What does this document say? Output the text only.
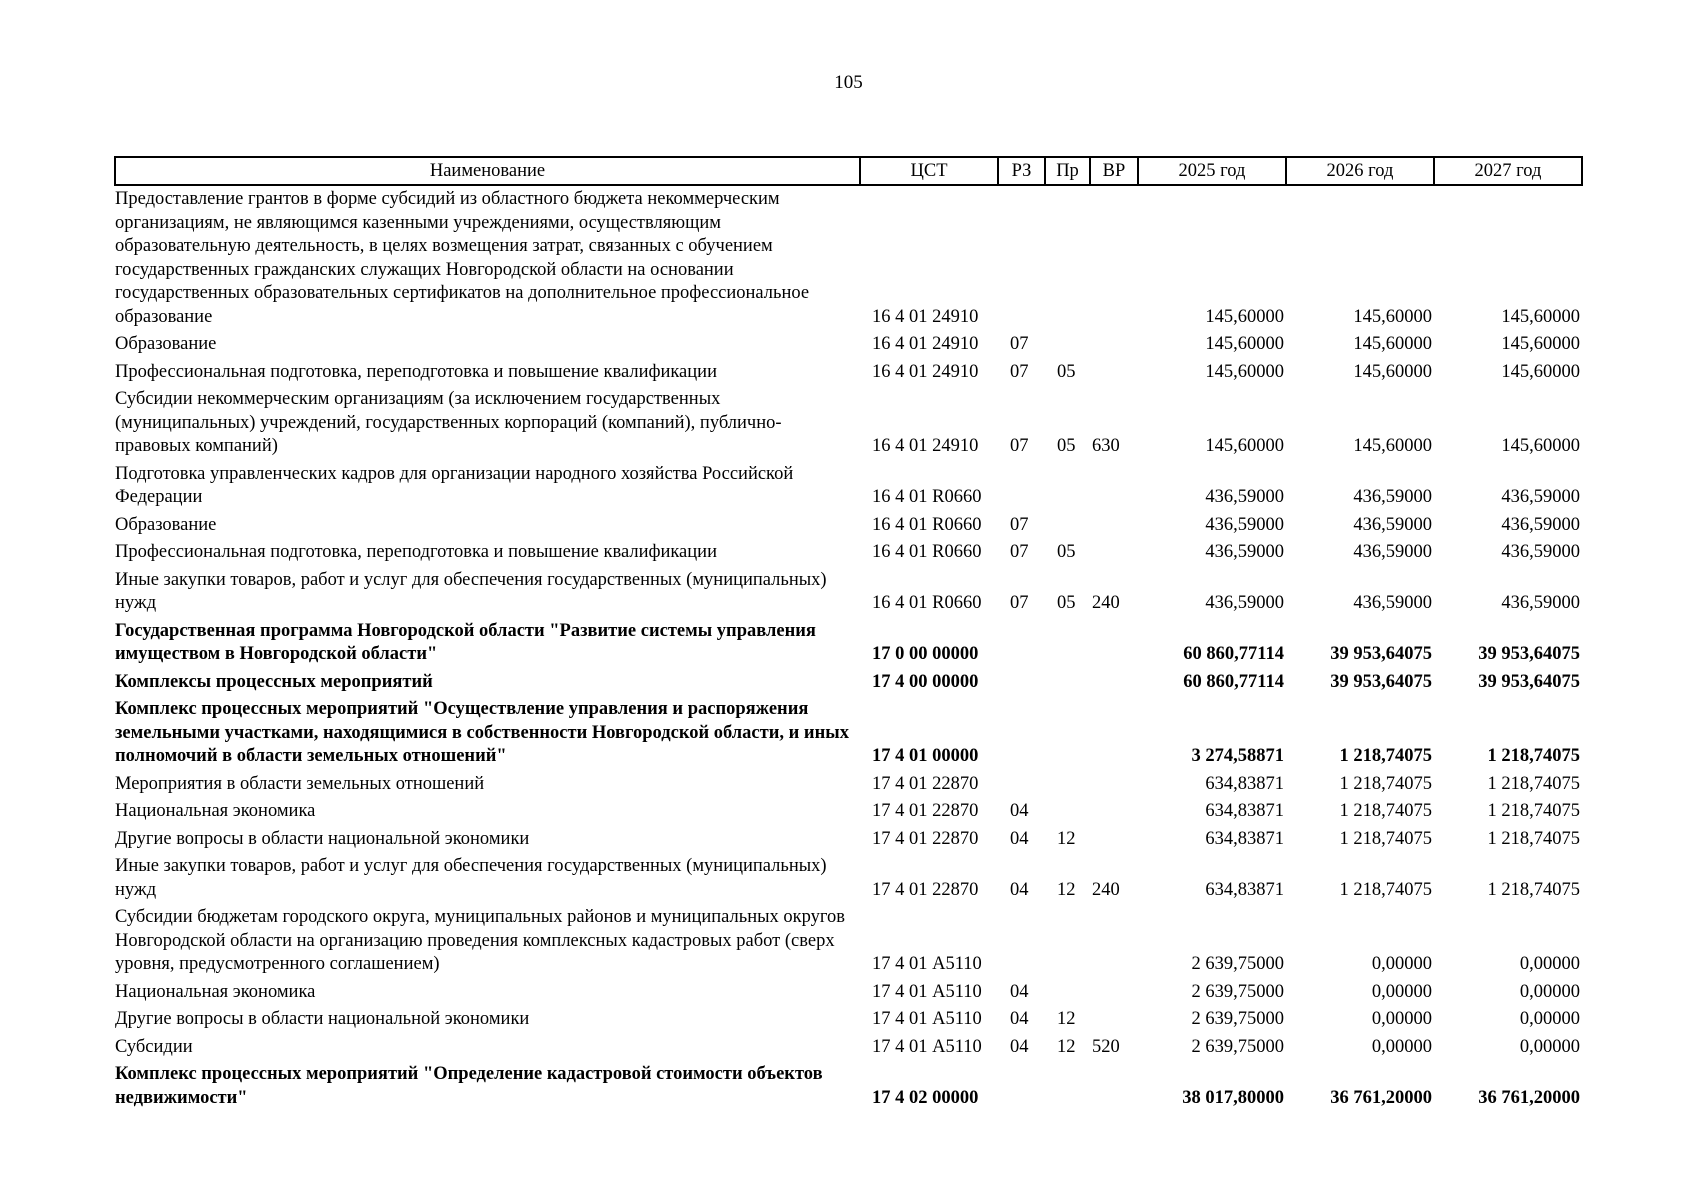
105
Наименование	ЦСТ	РЗ	Пр	ВР	2025 год	2026 год	2027 год
Предоставление грантов в форме субсидий из областного бюджета некоммерческим организациям, не являющимся казенными учреждениями, осуществляющим образовательную деятельность, в целях возмещения затрат, связанных с обучением государственных гражданских служащих Новгородской области на основании государственных образовательных сертификатов на дополнительное профессиональное образование	16 4 01 24910				145,60000	145,60000	145,60000
Образование	16 4 01 24910	07			145,60000	145,60000	145,60000
Профессиональная подготовка, переподготовка и повышение квалификации	16 4 01 24910	07	05		145,60000	145,60000	145,60000
Субсидии некоммерческим организациям (за исключением государственных (муниципальных) учреждений, государственных корпораций (компаний), публично-правовых компаний)	16 4 01 24910	07	05	630	145,60000	145,60000	145,60000
Подготовка управленческих кадров для организации народного хозяйства Российской Федерации	16 4 01 R0660				436,59000	436,59000	436,59000
Образование	16 4 01 R0660	07			436,59000	436,59000	436,59000
Профессиональная подготовка, переподготовка и повышение квалификации	16 4 01 R0660	07	05		436,59000	436,59000	436,59000
Иные закупки товаров, работ и услуг для обеспечения государственных (муниципальных) нужд	16 4 01 R0660	07	05	240	436,59000	436,59000	436,59000
Государственная программа Новгородской области "Развитие системы управления имуществом в Новгородской области"	17 0 00 00000				60 860,77114	39 953,64075	39 953,64075
Комплексы процессных мероприятий	17 4 00 00000				60 860,77114	39 953,64075	39 953,64075
Комплекс процессных мероприятий "Осуществление управления и распоряжения земельными участками, находящимися в собственности Новгородской области, и иных полномочий в области земельных отношений"	17 4 01 00000				3 274,58871	1 218,74075	1 218,74075
Мероприятия в области земельных отношений	17 4 01 22870				634,83871	1 218,74075	1 218,74075
Национальная экономика	17 4 01 22870	04			634,83871	1 218,74075	1 218,74075
Другие вопросы в области национальной экономики	17 4 01 22870	04	12		634,83871	1 218,74075	1 218,74075
Иные закупки товаров, работ и услуг для обеспечения государственных (муниципальных) нужд	17 4 01 22870	04	12	240	634,83871	1 218,74075	1 218,74075
Субсидии бюджетам городского округа, муниципальных районов и муниципальных округов Новгородской области на организацию проведения комплексных кадастровых работ (сверх уровня, предусмотренного соглашением)	17 4 01 А5110				2 639,75000	0,00000	0,00000
Национальная экономика	17 4 01 А5110	04			2 639,75000	0,00000	0,00000
Другие вопросы в области национальной экономики	17 4 01 А5110	04	12		2 639,75000	0,00000	0,00000
Субсидии	17 4 01 А5110	04	12	520	2 639,75000	0,00000	0,00000
Комплекс процессных мероприятий "Определение кадастровой стоимости объектов недвижимости"	17 4 02 00000				38 017,80000	36 761,20000	36 761,20000
